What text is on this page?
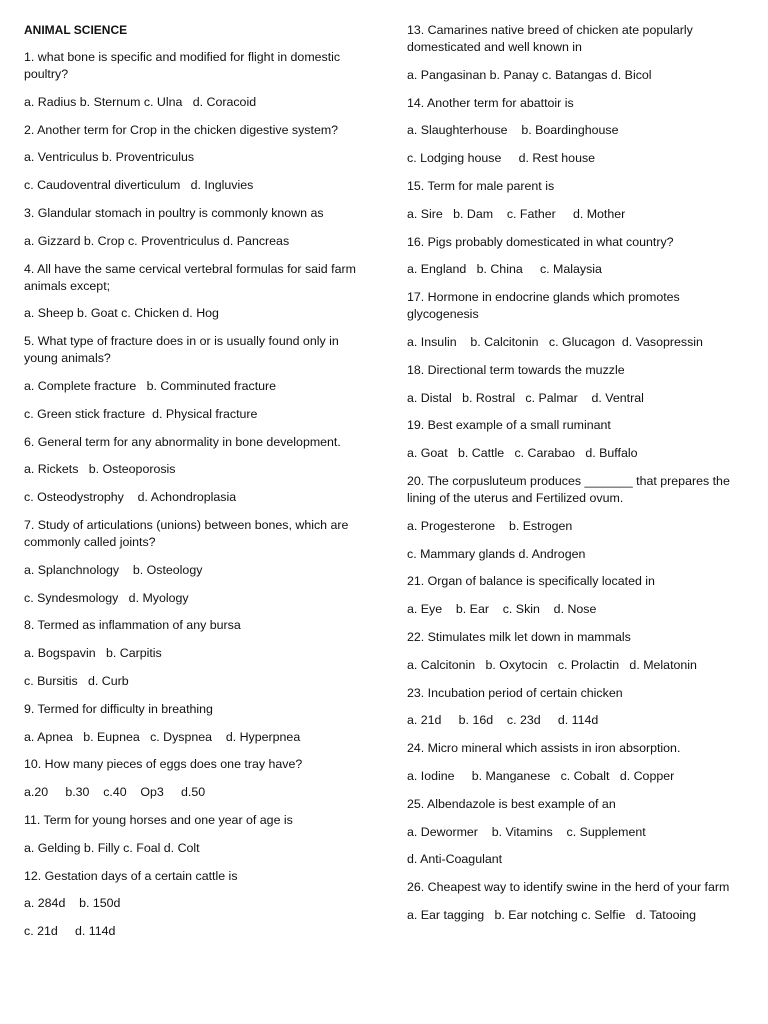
ANIMAL SCIENCE
1. what bone is specific and modified for flight in domestic poultry?
a. Radius b. Sternum c. Ulna   d. Coracoid
2. Another term for Crop in the chicken digestive system?
a. Ventriculus b. Proventriculus
c. Caudoventral diverticulum   d. Ingluvies
3. Glandular stomach in poultry is commonly known as
a. Gizzard b. Crop c. Proventriculus d. Pancreas
4. All have the same cervical vertebral formulas for said farm animals except;
a. Sheep b. Goat c. Chicken d. Hog
5. What type of fracture does in or is usually found only in young animals?
a. Complete fracture   b. Comminuted fracture
c. Green stick fracture  d. Physical fracture
6. General term for any abnormality in bone development.
a. Rickets   b. Osteoporosis
c. Osteodystrophy    d. Achondroplasia
7. Study of articulations (unions) between bones, which are commonly called joints?
a. Splanchnology    b. Osteology
c. Syndesmology   d. Myology
8. Termed as inflammation of any bursa
a. Bogspavin   b. Carpitis
c. Bursitis   d. Curb
9. Termed for difficulty in breathing
a. Apnea   b. Eupnea   c. Dyspnea    d. Hyperpnea
10. How many pieces of eggs does one tray have?
a.20     b.30    c.40    Op3     d.50
11. Term for young horses and one year of age is
a. Gelding b. Filly c. Foal d. Colt
12. Gestation days of a certain cattle is
a. 284d    b. 150d
c. 21d     d. 114d
13. Camarines native breed of chicken ate popularly domesticated and well known in
a. Pangasinan b. Panay c. Batangas d. Bicol
14. Another term for abattoir is
a. Slaughterhouse    b. Boardinghouse
c. Lodging house     d. Rest house
15. Term for male parent is
a. Sire   b. Dam    c. Father     d. Mother
16. Pigs probably domesticated in what country?
a. England   b. China     c. Malaysia
17. Hormone in endocrine glands which promotes glycogenesis
a. Insulin    b. Calcitonin   c. Glucagon  d. Vasopressin
18. Directional term towards the muzzle
a. Distal   b. Rostral   c. Palmar    d. Ventral
19. Best example of a small ruminant
a. Goat   b. Cattle   c. Carabao   d. Buffalo
20. The corpusluteum produces _______ that prepares the lining of the uterus and Fertilized ovum.
a. Progesterone    b. Estrogen
c. Mammary glands d. Androgen
21. Organ of balance is specifically located in
a. Eye    b. Ear    c. Skin    d. Nose
22. Stimulates milk let down in mammals
a. Calcitonin   b. Oxytocin   c. Prolactin   d. Melatonin
23. Incubation period of certain chicken
a. 21d     b. 16d    c. 23d     d. 114d
24. Micro mineral which assists in iron absorption.
a. Iodine     b. Manganese   c. Cobalt   d. Copper
25. Albendazole is best example of an
a. Dewormer    b. Vitamins    c. Supplement
d. Anti-Coagulant
26. Cheapest way to identify swine in the herd of your farm
a. Ear tagging   b. Ear notching c. Selfie   d. Tatooing
